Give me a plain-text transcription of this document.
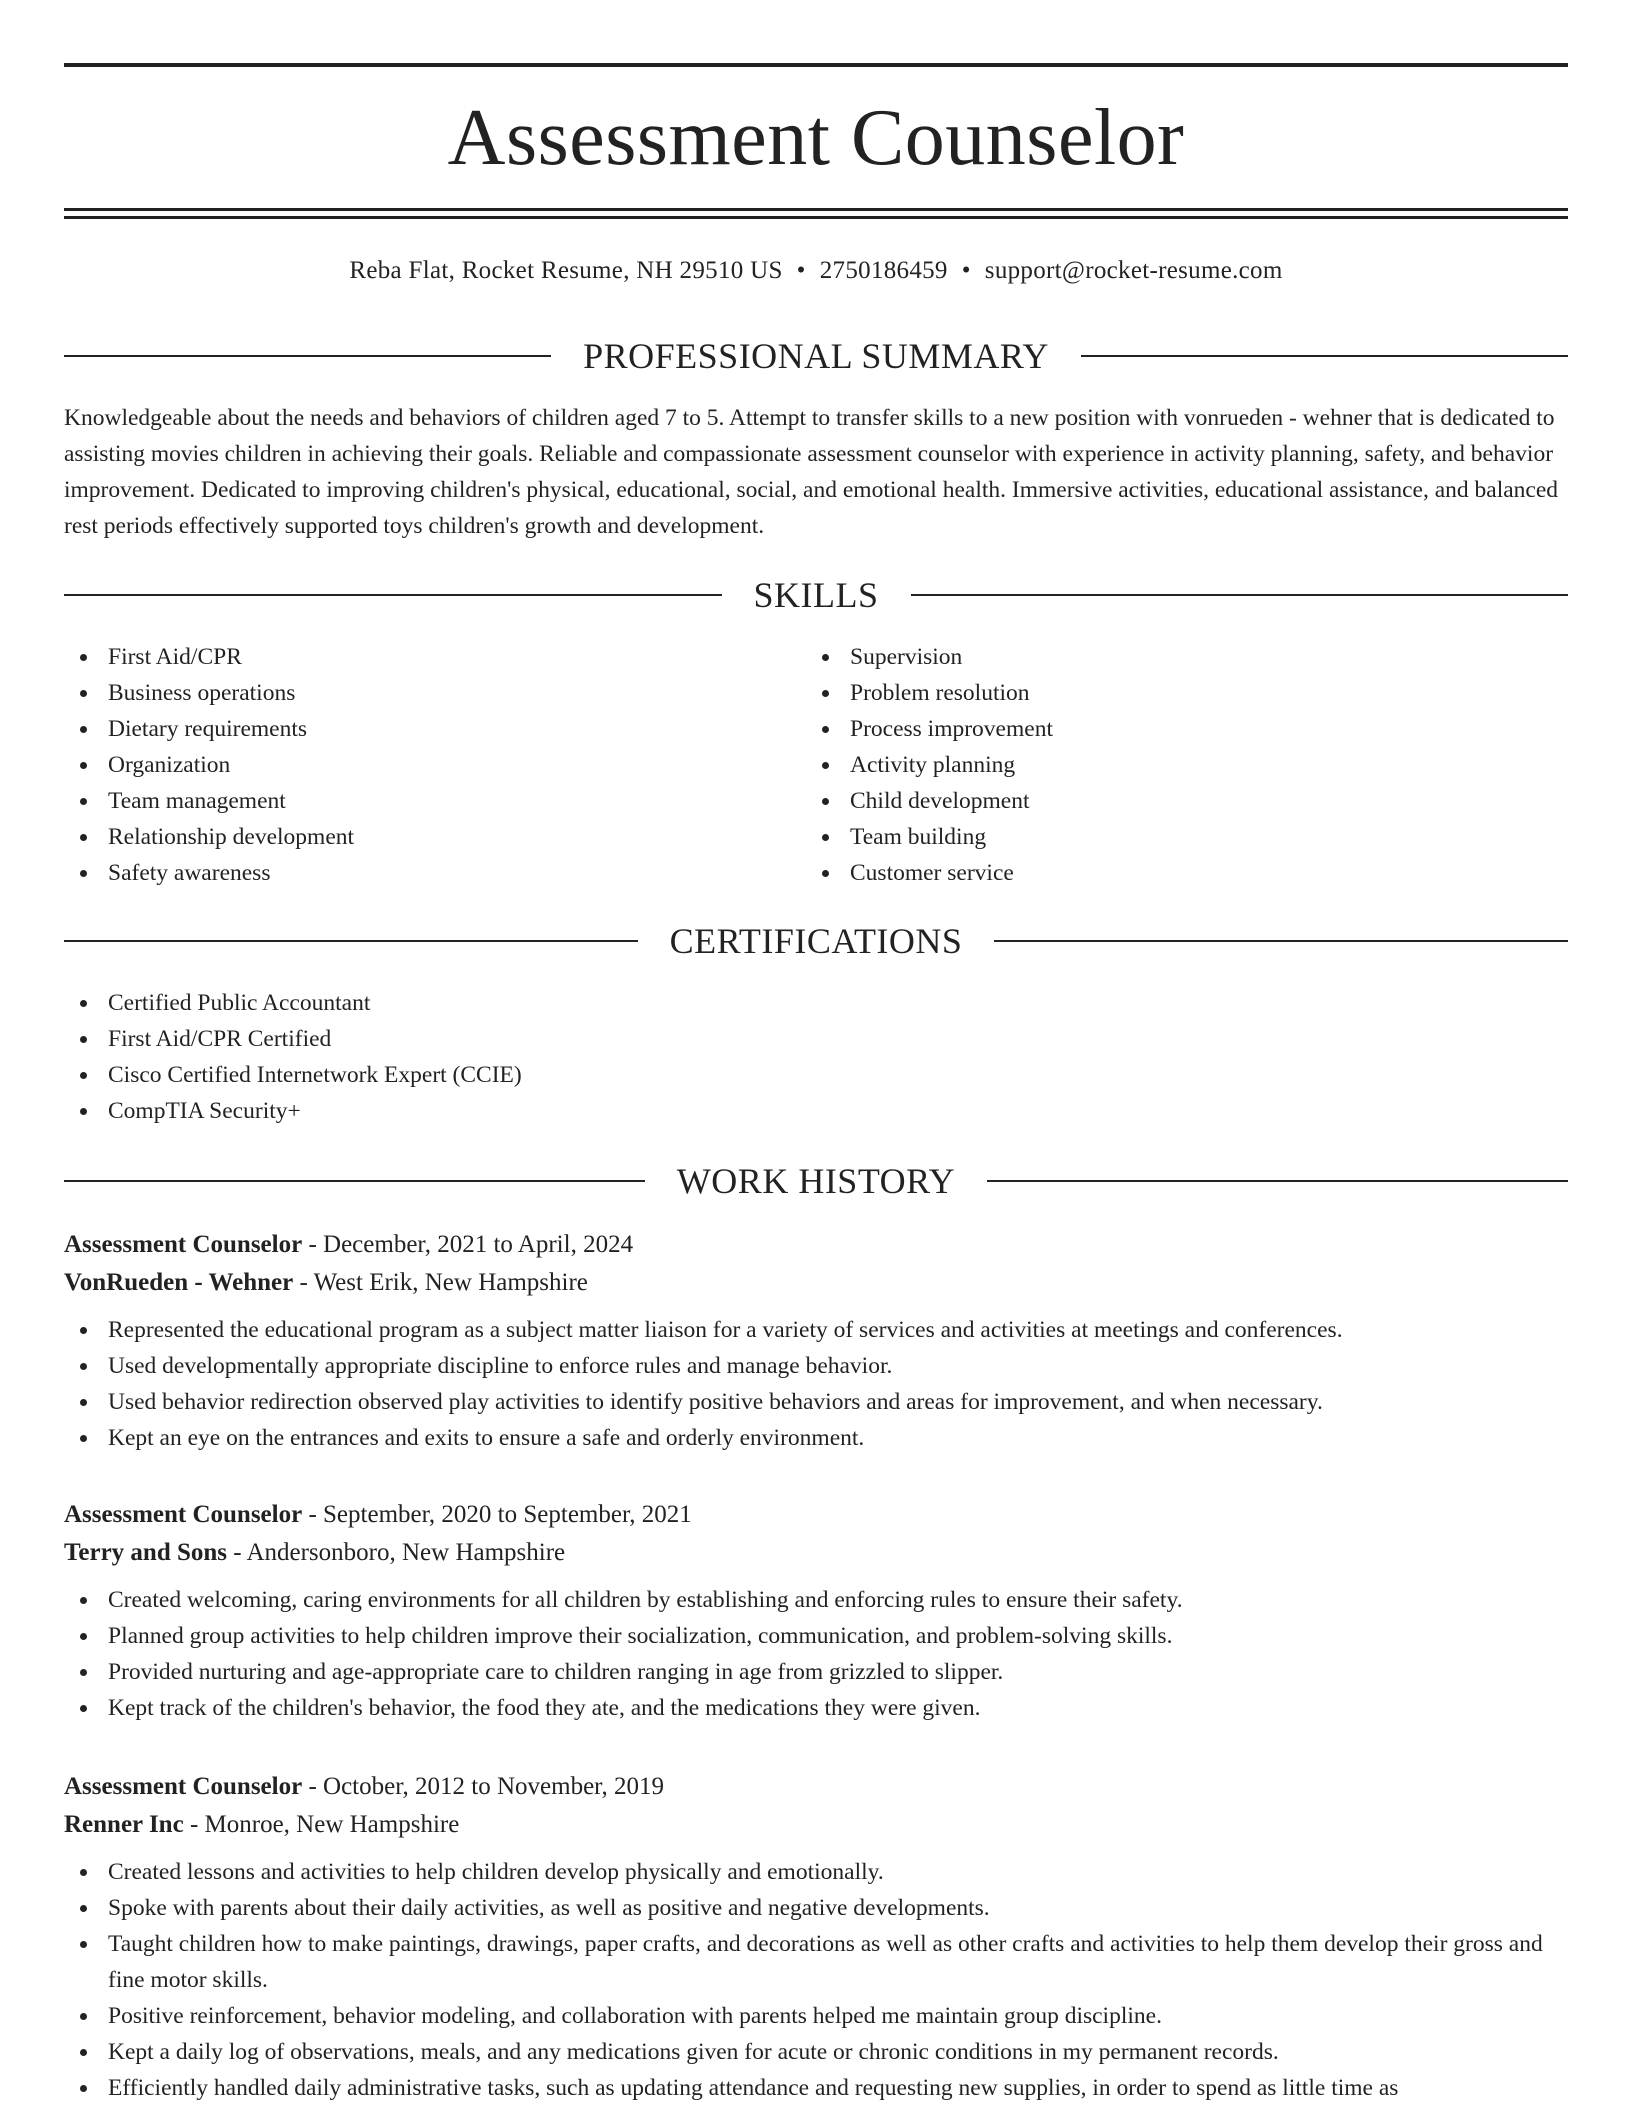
Assessment Counselor
Reba Flat, Rocket Resume, NH 29510 US • 2750186459 • support@rocket-resume.com
PROFESSIONAL SUMMARY

Knowledgeable about the needs and behaviors of children aged 7 to 5. Attempt to transfer skills to a new position with vonrueden - wehner that is dedicated to assisting movies children in achieving their goals. Reliable and compassionate assessment counselor with experience in activity planning, safety, and behavior improvement. Dedicated to improving children's physical, educational, social, and emotional health. Immersive activities, educational assistance, and balanced rest periods effectively supported toys children's growth and development.

SKILLS
First Aid/CPR
Business operations
Dietary requirements
Organization
Team management
Relationship development
Safety awareness
Supervision
Problem resolution
Process improvement
Activity planning
Child development
Team building
Customer service
CERTIFICATIONS
Certified Public Accountant
First Aid/CPR Certified
Cisco Certified Internetwork Expert (CCIE)
CompTIA Security+
WORK HISTORY
Assessment Counselor - December, 2021 to April, 2024
VonRueden - Wehner - West Erik, New Hampshire
Represented the educational program as a subject matter liaison for a variety of services and activities at meetings and conferences.
Used developmentally appropriate discipline to enforce rules and manage behavior.
Used behavior redirection observed play activities to identify positive behaviors and areas for improvement, and when necessary.
Kept an eye on the entrances and exits to ensure a safe and orderly environment.
Assessment Counselor - September, 2020 to September, 2021
Terry and Sons - Andersonboro, New Hampshire
Created welcoming, caring environments for all children by establishing and enforcing rules to ensure their safety.
Planned group activities to help children improve their socialization, communication, and problem-solving skills.
Provided nurturing and age-appropriate care to children ranging in age from grizzled to slipper.
Kept track of the children's behavior, the food they ate, and the medications they were given.
Assessment Counselor - October, 2012 to November, 2019
Renner Inc - Monroe, New Hampshire
Created lessons and activities to help children develop physically and emotionally.
Spoke with parents about their daily activities, as well as positive and negative developments.
Taught children how to make paintings, drawings, paper crafts, and decorations as well as other crafts and activities to help them develop their gross and fine motor skills.
Positive reinforcement, behavior modeling, and collaboration with parents helped me maintain group discipline.
Kept a daily log of observations, meals, and any medications given for acute or chronic conditions in my permanent records.
Efficiently handled daily administrative tasks, such as updating attendance and requesting new supplies, in order to spend as little time as
